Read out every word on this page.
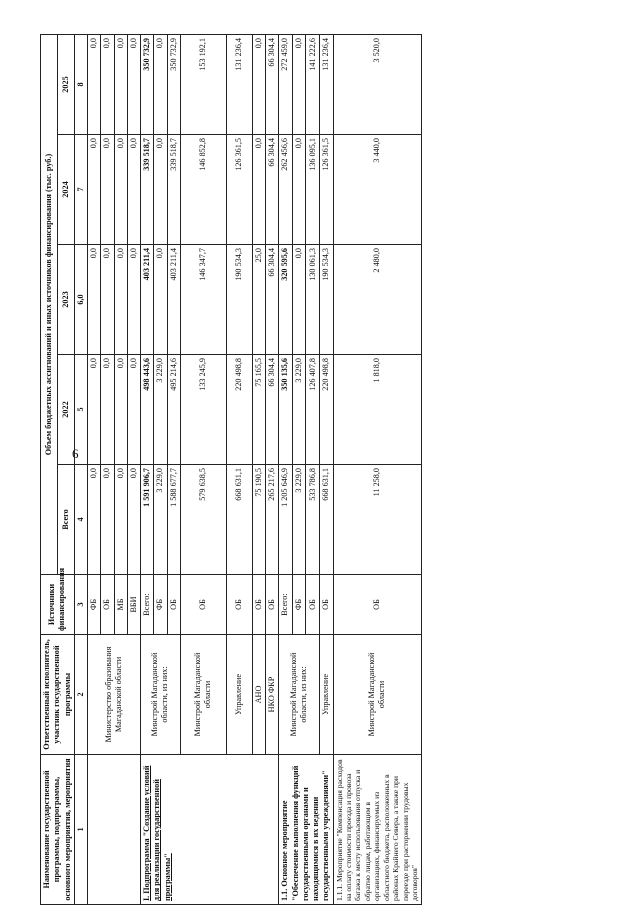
6
Наименование государственной программы, подпрограммы, основного мероприятия, мероприятия	Ответственный исполнитель, участник государственной программы	Источники финансирования	Объем бюджетных ассигнований и иных источников финансирования (тыс. руб.)				
			Всего	2022	2023	2024	2025
1	2	3	4	5	6,0	7	8
	Министерство образования Магаданской области	ФБ	0,0	0,0	0,0	0,0	0,0
		ОБ	0,0	0,0	0,0	0,0	0,0
		МБ	0,0	0,0	0,0	0,0	0,0
		ВБИ	0,0	0,0	0,0	0,0	0,0
I. Подпрограмма "Создание условий для реализации государственной программы"	Минстрой Магаданской области, из них:	Всего:	1 591 906,7	498 443,6	403 211,4	339 518,7	350 732,9
		ФБ	3 229,0	3 229,0	0,0	0,0	0,0
		ОБ	1 588 677,7	495 214,6	403 211,4	339 518,7	350 732,9
	Минстрой Магаданской области	ОБ	579 638,5	133 245,9	146 347,7	146 852,8	153 192,1
	Управление	ОБ	668 631,1	220 498,8	190 534,3	126 361,5	131 236,4
	АНО	ОБ	75 190,5	75 165,5	25,0	0,0	0,0
	НКО ФКР	ОБ	265 217,6	66 304,4	66 304,4	66 304,4	66 304,4
1.1. Основное мероприятие "Обеспечение выполнения функций государственными органами и находящимися в их ведении государственными учреждениями"	Минстрой Магаданской области, из них:	Всего:	1 205 646,9	350 135,6	320 595,6	262 456,6	272 459,0
		ФБ	3 229,0	3 229,0	0,0	0,0	0,0
		ОБ	533 786,8	126 407,8	130 061,3	136 095,1	141 222,6
	Управление	ОБ	668 631,1	220 498,8	190 534,3	126 361,5	131 236,4
1.1.1. Мероприятие "Компенсация расходов на оплату стоимости проезда и провоза багажа к месту использования отпуска и обратно лицам, работающим в организациях, финансируемых из областного бюджета, расположенных в районах Крайнего Севера, а также при переезде при расторжении трудовых договоров"	Минстрой Магаданской области	ОБ	11 258,0	1 818,0	2 480,0	3 440,0	3 520,0
